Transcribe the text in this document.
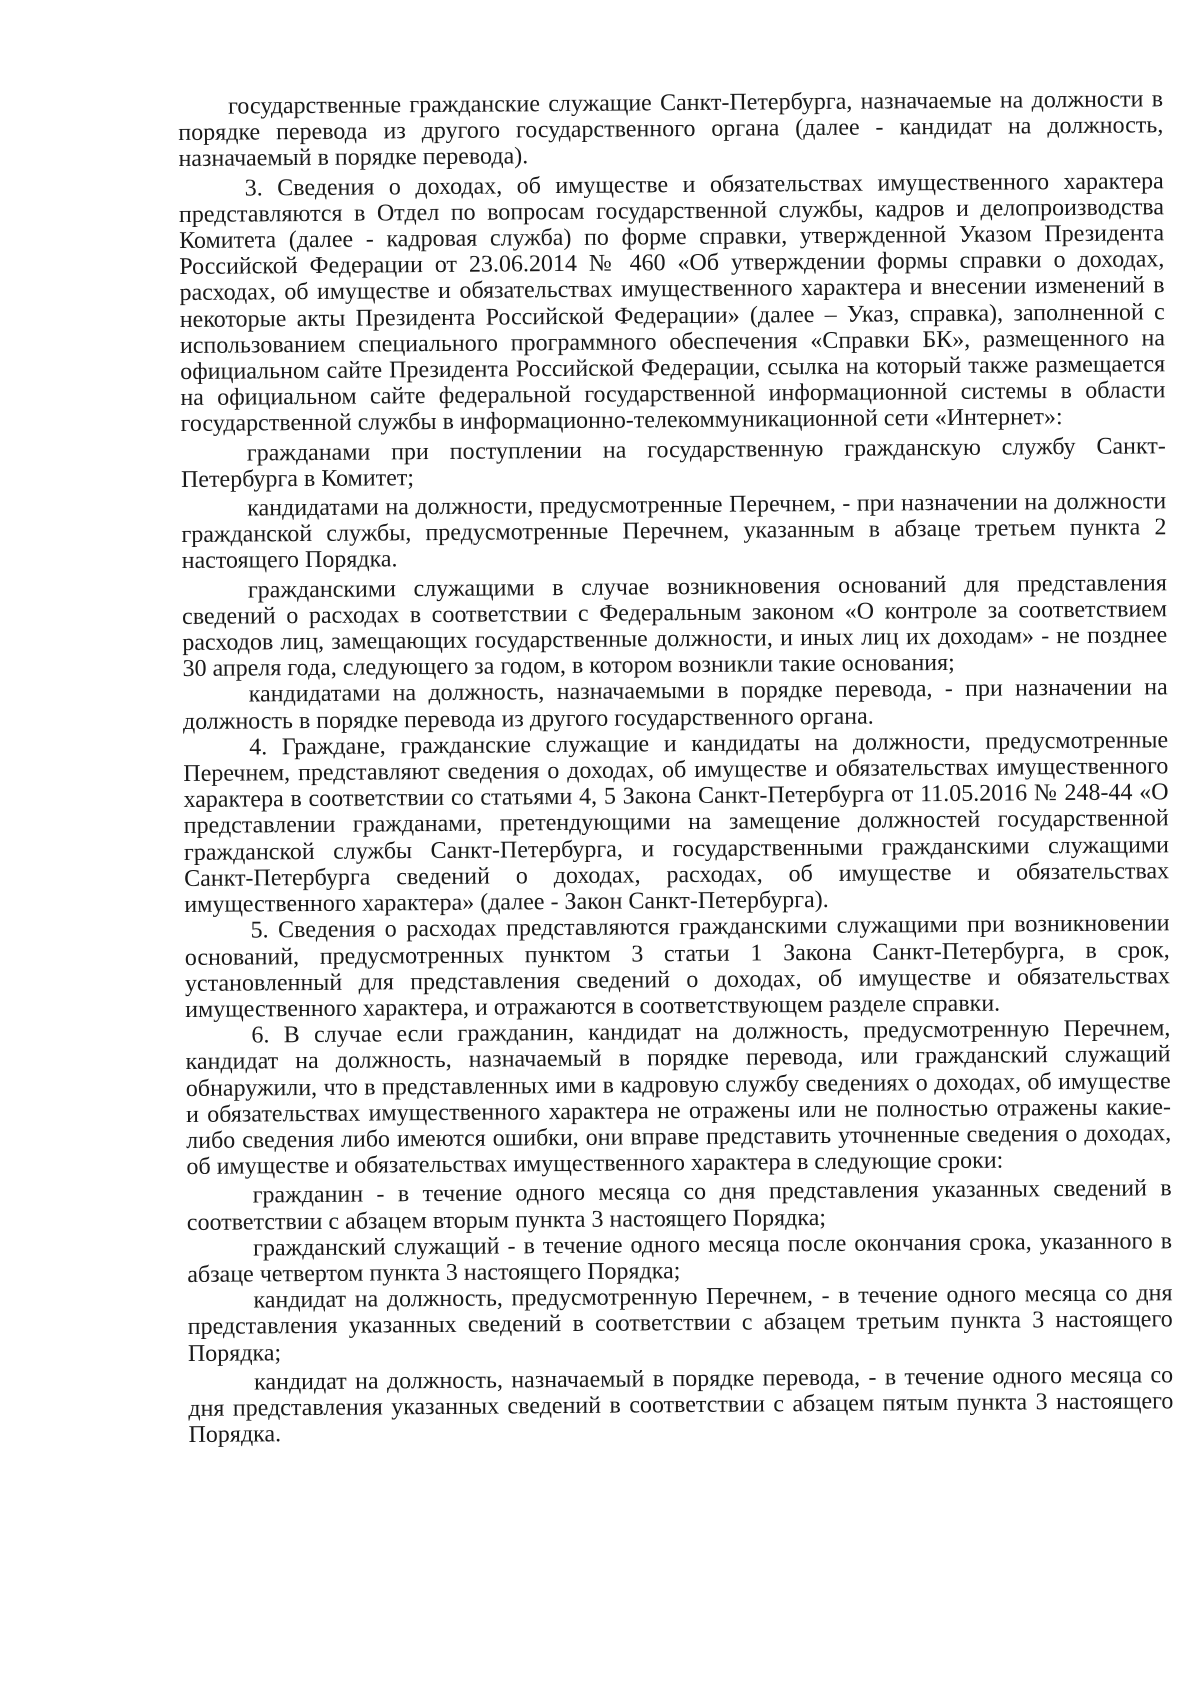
государственные гражданские служащие Санкт-Петербурга, назначаемые на должности в порядке перевода из другого государственного органа (далее - кандидат на должность, назначаемый в порядке перевода).

3. Сведения о доходах, об имуществе и обязательствах имущественного характера представляются в Отдел по вопросам государственной службы, кадров и делопроизводства Комитета (далее - кадровая служба) по форме справки, утвержденной Указом Президента Российской Федерации от 23.06.2014 № 460 «Об утверждении формы справки о доходах, расходах, об имуществе и обязательствах имущественного характера и внесении изменений в некоторые акты Президента Российской Федерации» (далее – Указ, справка), заполненной с использованием специального программного обеспечения «Справки БК», размещенного на официальном сайте Президента Российской Федерации, ссылка на который также размещается на официальном сайте федеральной государственной информационной системы в области государственной службы в информационно-телекоммуникационной сети «Интернет»:

гражданами при поступлении на государственную гражданскую службу Санкт-Петербурга в Комитет;

кандидатами на должности, предусмотренные Перечнем, - при назначении на должности гражданской службы, предусмотренные Перечнем, указанным в абзаце третьем пункта 2 настоящего Порядка.

гражданскими служащими в случае возникновения оснований для представления сведений о расходах в соответствии с Федеральным законом «О контроле за соответствием расходов лиц, замещающих государственные должности, и иных лиц их доходам» - не позднее 30 апреля года, следующего за годом, в котором возникли такие основания;

кандидатами на должность, назначаемыми в порядке перевода, - при назначении на должность в порядке перевода из другого государственного органа.

4. Граждане, гражданские служащие и кандидаты на должности, предусмотренные Перечнем, представляют сведения о доходах, об имуществе и обязательствах имущественного характера в соответствии со статьями 4, 5 Закона Санкт-Петербурга от 11.05.2016 № 248-44 «О представлении гражданами, претендующими на замещение должностей государственной гражданской службы Санкт-Петербурга, и государственными гражданскими служащими Санкт-Петербурга сведений о доходах, расходах, об имуществе и обязательствах имущественного характера» (далее - Закон Санкт-Петербурга).

5. Сведения о расходах представляются гражданскими служащими при возникновении оснований, предусмотренных пунктом 3 статьи 1 Закона Санкт-Петербурга, в срок, установленный для представления сведений о доходах, об имуществе и обязательствах имущественного характера, и отражаются в соответствующем разделе справки.

6. В случае если гражданин, кандидат на должность, предусмотренную Перечнем, кандидат на должность, назначаемый в порядке перевода, или гражданский служащий обнаружили, что в представленных ими в кадровую службу сведениях о доходах, об имуществе и обязательствах имущественного характера не отражены или не полностью отражены какие-либо сведения либо имеются ошибки, они вправе представить уточненные сведения о доходах, об имуществе и обязательствах имущественного характера в следующие сроки:

гражданин - в течение одного месяца со дня представления указанных сведений в соответствии с абзацем вторым пункта 3 настоящего Порядка;

гражданский служащий - в течение одного месяца после окончания срока, указанного в абзаце четвертом пункта 3 настоящего Порядка;

кандидат на должность, предусмотренную Перечнем, - в течение одного месяца со дня представления указанных сведений в соответствии с абзацем третьим пункта 3 настоящего Порядка;

кандидат на должность, назначаемый в порядке перевода, - в течение одного месяца со дня представления указанных сведений в соответствии с абзацем пятым пункта 3 настоящего Порядка.
